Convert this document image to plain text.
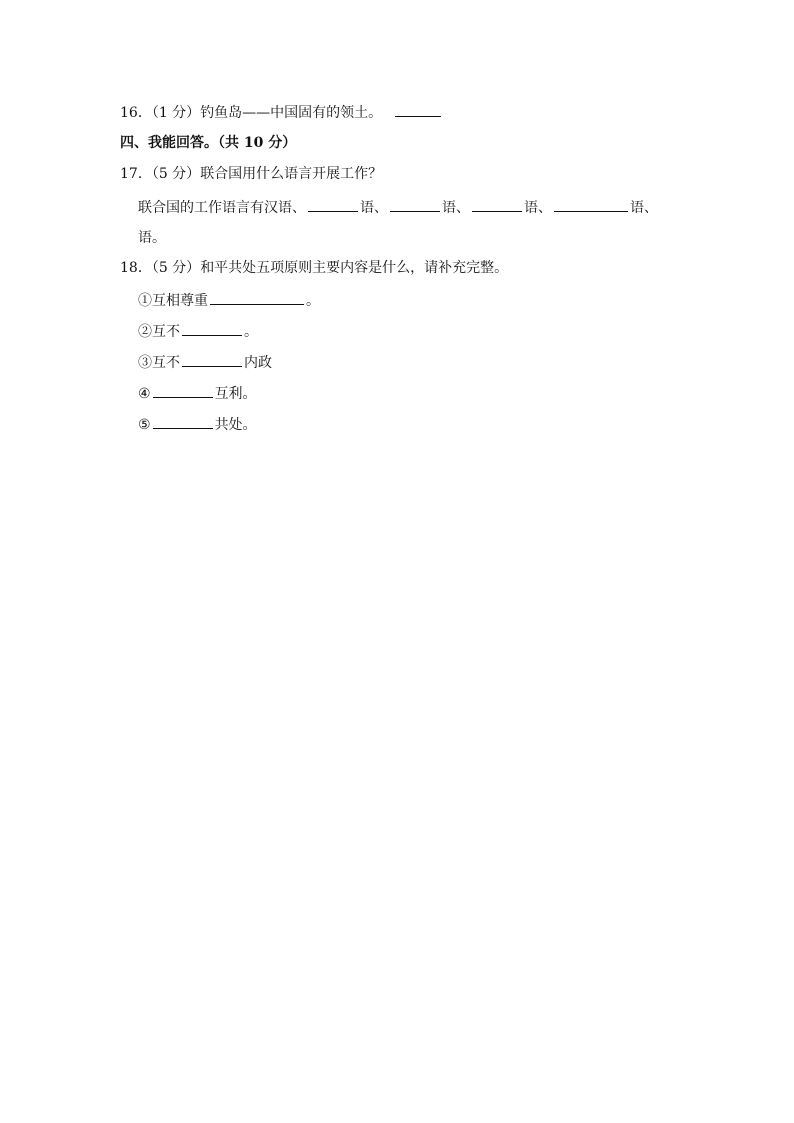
16．（1 分）钓鱼岛——中国固有的领土。
四、我能回答。（共 10 分）
17．（5 分）联合国用什么语言开展工作？
联合国的工作语言有汉语、	语、	语、	语、	语、
语。
18．（5 分）和平共处五项原则主要内容是什么，请补充完整。
①互相尊重	。
②互不	。
③互不	内政
④	互利。
⑤	共处。
